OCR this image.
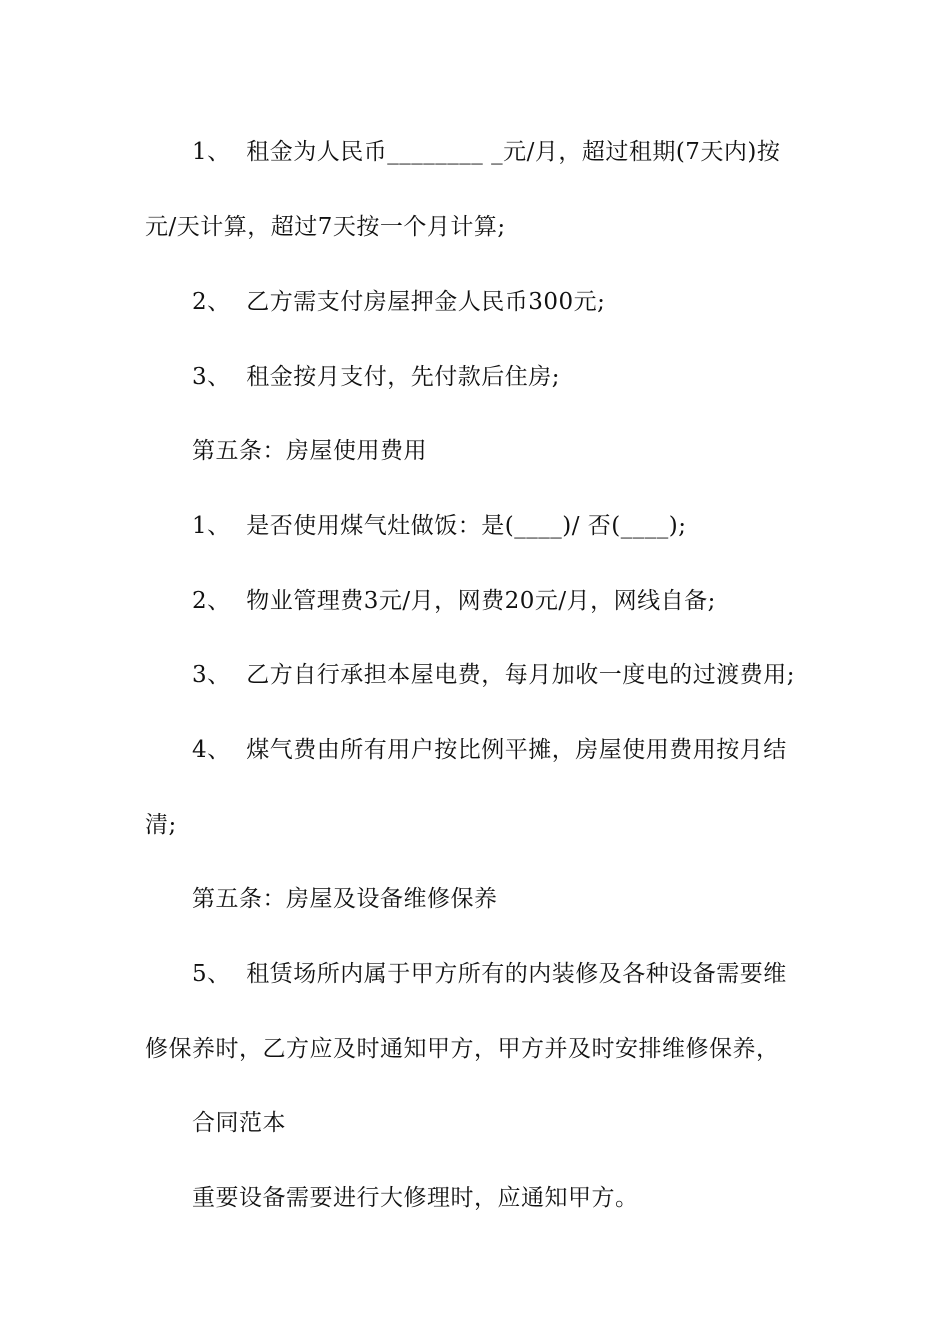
1、  租金为人民币________ _元/月，超过租期(7天内)按
元/天计算，超过7天按一个月计算;
2、  乙方需支付房屋押金人民币300元;
3、  租金按月支付，先付款后住房;
第五条：房屋使用费用
1、  是否使用煤气灶做饭：是(____)/ 否(____);
2、  物业管理费3元/月，网费20元/月，网线自备;
3、  乙方自行承担本屋电费，每月加收一度电的过渡费用;
4、  煤气费由所有用户按比例平摊，房屋使用费用按月结
清;
第五条：房屋及设备维修保养
5、  租赁场所内属于甲方所有的内装修及各种设备需要维
修保养时，乙方应及时通知甲方，甲方并及时安排维修保养，
合同范本
重要设备需要进行大修理时，应通知甲方。
